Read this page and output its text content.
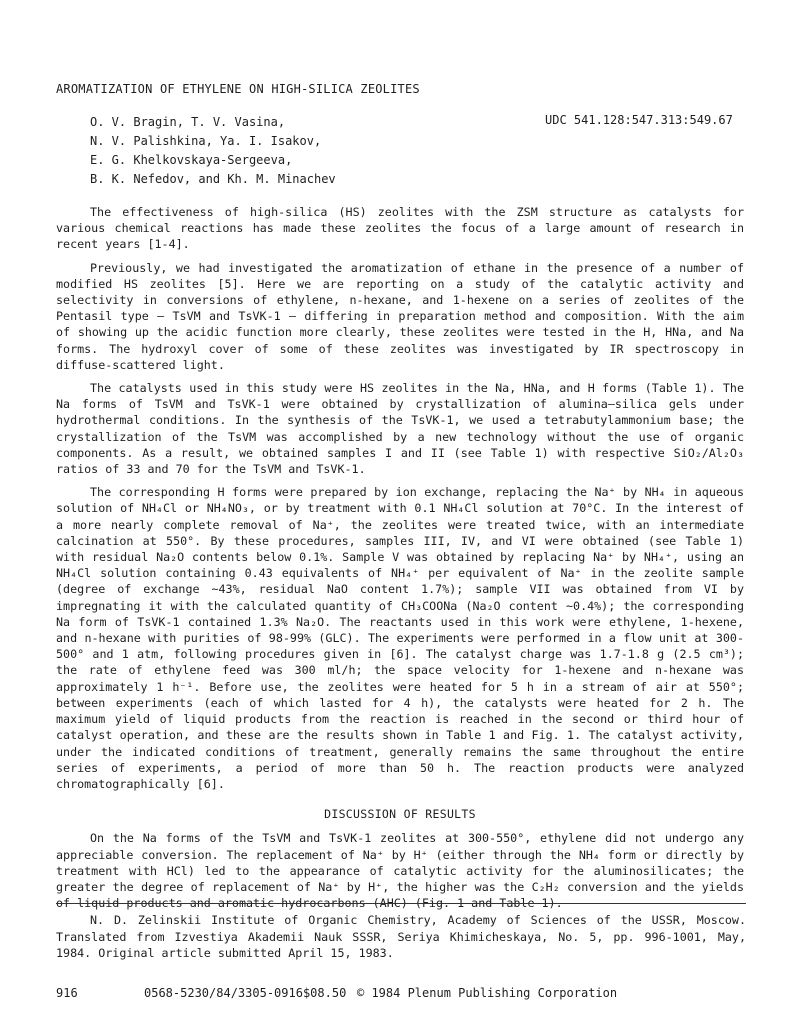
AROMATIZATION OF ETHYLENE ON HIGH-SILICA ZEOLITES
O. V. Bragin, T. V. Vasina,
N. V. Palishkina, Ya. I. Isakov,
E. G. Khelkovskaya-Sergeeva,
B. K. Nefedov, and Kh. M. Minachev
UDC 541.128:547.313:549.67

The effectiveness of high-silica (HS) zeolites with the ZSM structure as catalysts for various chemical reactions has made these zeolites the focus of a large amount of research in recent years [1-4].

Previously, we had investigated the aromatization of ethane in the presence of a number of modified HS zeolites [5]. Here we are reporting on a study of the catalytic activity and selectivity in conversions of ethylene, n-hexane, and 1-hexene on a series of zeolites of the Pentasil type — TsVM and TsVK-1 — differing in preparation method and composition. With the aim of showing up the acidic function more clearly, these zeolites were tested in the H, HNa, and Na forms. The hydroxyl cover of some of these zeolites was investigated by IR spectroscopy in diffuse-scattered light.

The catalysts used in this study were HS zeolites in the Na, HNa, and H forms (Table 1). The Na forms of TsVM and TsVK-1 were obtained by crystallization of alumina–silica gels under hydrothermal conditions. In the synthesis of the TsVK-1, we used a tetrabutylammonium base; the crystallization of the TsVM was accomplished by a new technology without the use of organic components. As a result, we obtained samples I and II (see Table 1) with respective SiO₂/Al₂O₃ ratios of 33 and 70 for the TsVM and TsVK-1.

The corresponding H forms were prepared by ion exchange, replacing the Na⁺ by NH₄ in aqueous solution of NH₄Cl or NH₄NO₃, or by treatment with 0.1 NH₄Cl solution at 70°C. In the interest of a more nearly complete removal of Na⁺, the zeolites were treated twice, with an intermediate calcination at 550°. By these procedures, samples III, IV, and VI were obtained (see Table 1) with residual Na₂O contents below 0.1%. Sample V was obtained by replacing Na⁺ by NH₄⁺, using an NH₄Cl solution containing 0.43 equivalents of NH₄⁺ per equivalent of Na⁺ in the zeolite sample (degree of exchange ~43%, residual NaO content 1.7%); sample VII was obtained from VI by impregnating it with the calculated quantity of CH₃COONa (Na₂O content ~0.4%); the corresponding Na form of TsVK-1 contained 1.3% Na₂O. The reactants used in this work were ethylene, 1-hexene, and n-hexane with purities of 98-99% (GLC). The experiments were performed in a flow unit at 300-500° and 1 atm, following procedures given in [6]. The catalyst charge was 1.7-1.8 g (2.5 cm³); the rate of ethylene feed was 300 ml/h; the space velocity for 1-hexene and n-hexane was approximately 1 h⁻¹. Before use, the zeolites were heated for 5 h in a stream of air at 550°; between experiments (each of which lasted for 4 h), the catalysts were heated for 2 h. The maximum yield of liquid products from the reaction is reached in the second or third hour of catalyst operation, and these are the results shown in Table 1 and Fig. 1. The catalyst activity, under the indicated conditions of treatment, generally remains the same throughout the entire series of experiments, a period of more than 50 h. The reaction products were analyzed chromatographically [6].

DISCUSSION OF RESULTS

On the Na forms of the TsVM and TsVK-1 zeolites at 300-550°, ethylene did not undergo any appreciable conversion. The replacement of Na⁺ by H⁺ (either through the NH₄ form or directly by treatment with HCl) led to the appearance of catalytic activity for the aluminosilicates; the greater the degree of replacement of Na⁺ by H⁺, the higher was the C₂H₂ conversion and the yields of liquid products and aromatic hydrocarbons (AHC) (Fig. 1 and Table 1).

N. D. Zelinskii Institute of Organic Chemistry, Academy of Sciences of the USSR, Moscow. Translated from Izvestiya Akademii Nauk SSSR, Seriya Khimicheskaya, No. 5, pp. 996-1001, May, 1984. Original article submitted April 15, 1983.

916	0568-5230/84/3305-0916$08.50 © 1984 Plenum Publishing Corporation
